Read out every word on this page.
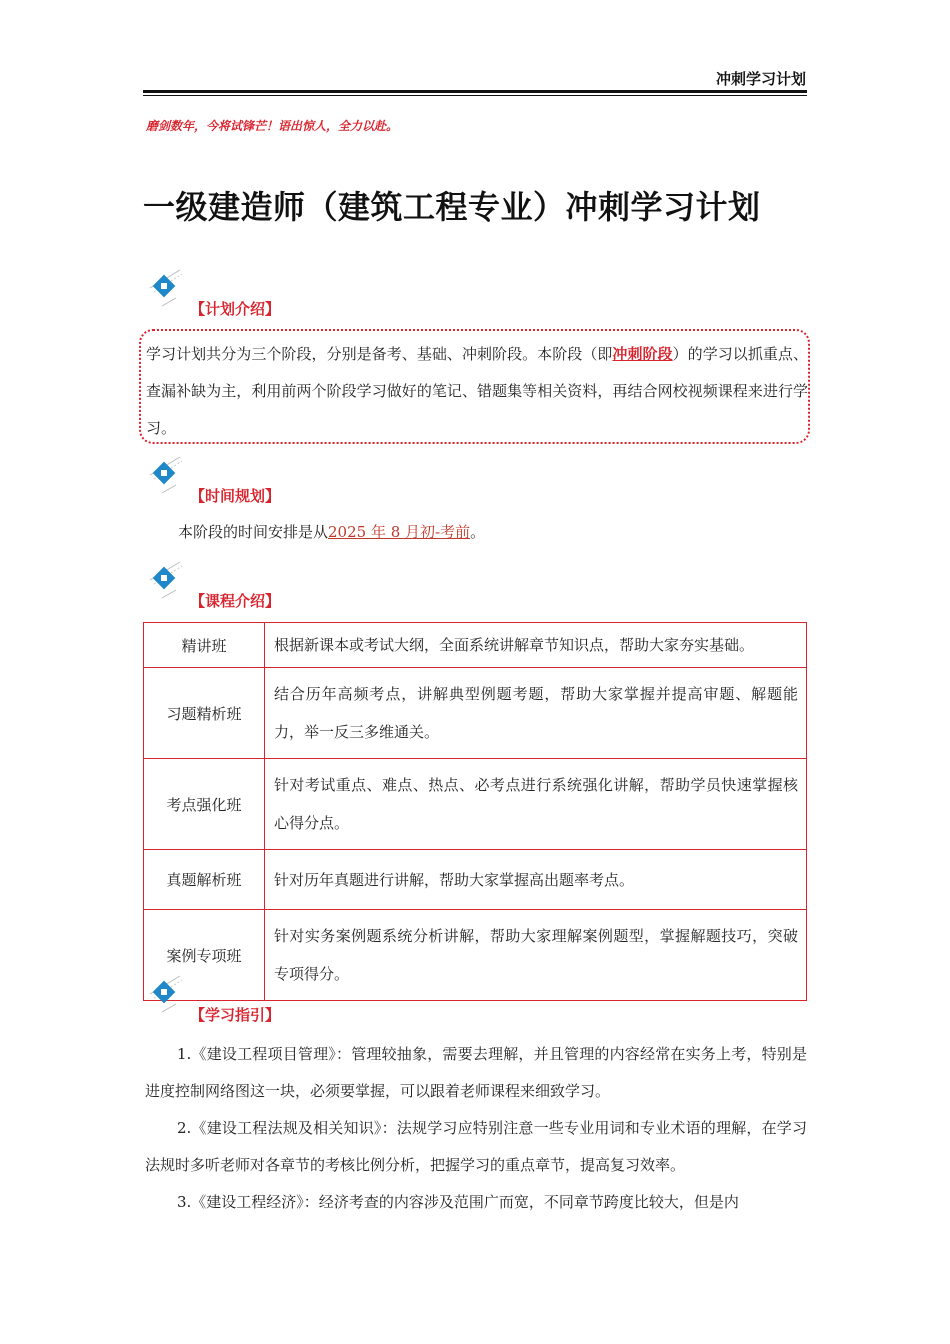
冲刺学习计划
磨剑数年，今将试锋芒！语出惊人，全力以赴。
一级建造师（建筑工程专业）冲刺学习计划
【计划介绍】
学习计划共分为三个阶段，分别是备考、基础、冲刺阶段。本阶段（即冲刺阶段）的学习以抓重点、查漏补缺为主，利用前两个阶段学习做好的笔记、错题集等相关资料，再结合网校视频课程来进行学习。
【时间规划】
本阶段的时间安排是从2025 年 8 月初-考前。
【课程介绍】
精讲班	根据新课本或考试大纲，全面系统讲解章节知识点，帮助大家夯实基础。
习题精析班	结合历年高频考点，讲解典型例题考题，帮助大家掌握并提高审题、解题能力，举一反三多维通关。
考点强化班	针对考试重点、难点、热点、必考点进行系统强化讲解，帮助学员快速掌握核心得分点。
真题解析班	针对历年真题进行讲解，帮助大家掌握高出题率考点。
案例专项班	针对实务案例题系统分析讲解，帮助大家理解案例题型，掌握解题技巧，突破专项得分。
【学习指引】
1.《建设工程项目管理》：管理较抽象，需要去理解，并且管理的内容经常在实务上考，特别是进度控制网络图这一块，必须要掌握，可以跟着老师课程来细致学习。
2.《建设工程法规及相关知识》：法规学习应特别注意一些专业用词和专业术语的理解，在学习法规时多听老师对各章节的考核比例分析，把握学习的重点章节，提高复习效率。
3.《建设工程经济》：经济考查的内容涉及范围广而宽，不同章节跨度比较大，但是内
